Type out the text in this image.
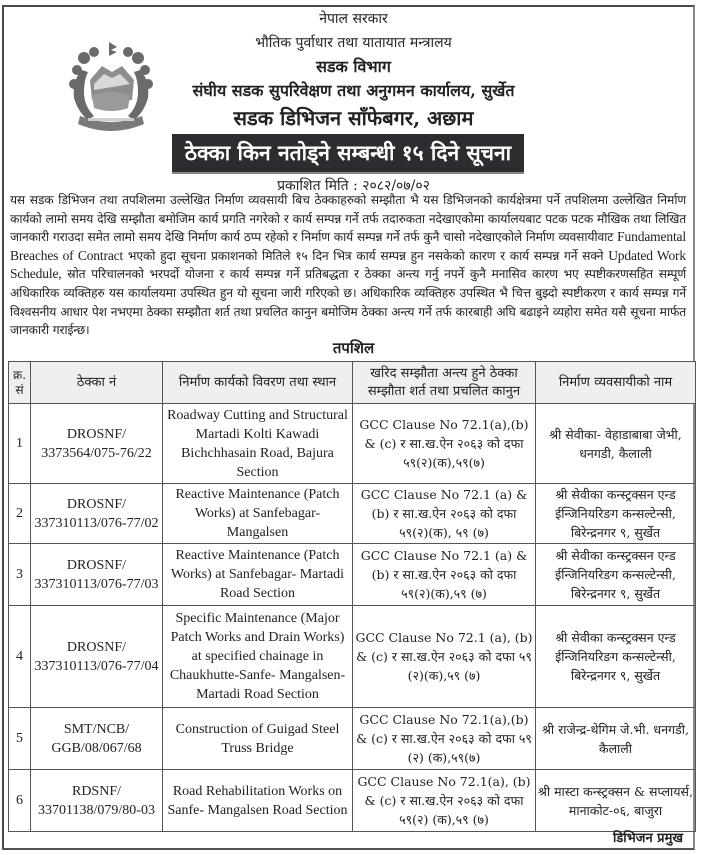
नेपाल सरकार
भौतिक पुर्वाधार तथा यातायात मन्त्रालय
सडक विभाग
संघीय सडक सुपरिवेक्षण तथा अनुगमन कार्यालय, सुर्खेत
सडक डिभिजन साँफेबगर, अछाम
ठेक्का किन नतोड्ने सम्बन्धी १५ दिने सूचना
प्रकाशित मिति : २०८२/०७/०२
यस सडक डिभिजन तथा तपशिलमा उल्लेखित निर्माण व्यवसायी बिच ठेक्काहरुको सम्झौता भै यस डिभिजनको कार्यक्षेत्रमा पर्ने तपशिलमा उल्लेखित निर्माण कार्यको लामो समय देखि सम्झौता बमोजिम कार्य प्रगति नगरेको र कार्य सम्पन्न गर्ने तर्फ तदारुकता नदेखाएकोमा कार्यालयबाट पटक पटक मौखिक तथा लिखित जानकारी गराउदा समेत लामो समय देखि निर्माण कार्य ठप्प रहेको र निर्माण कार्य सम्पन्न गर्ने तर्फ कुनै चासो नदेखाएकोले निर्माण व्यवसायीवाट Fundamental Breaches of Contract भएको हुदा सूचना प्रकाशनको मितिले १५ दिन भित्र कार्य सम्पन्न हुन नसकेको कारण र कार्य सम्पन्न गर्ने सक्ने Updated Work Schedule, स्रोत परिचालनको भरपर्दो योजना र कार्य सम्पन्न गर्ने प्रतिबद्धता र ठेक्का अन्त्य गर्नु नपर्ने कुनै मनासिव कारण भए स्पष्टीकरणसहित सम्पूर्ण अधिकारिक व्यक्तिहरु यस कार्यालयमा उपस्थित हुन यो सूचना जारी गरिएको छ। अधिकारिक व्यक्तिहरु उपस्थित भै चित्त बुझ्दो स्पष्टीकरण र कार्य सम्पन्न गर्ने विश्वसनीय आधार पेश नभएमा ठेक्का सम्झौता शर्त तथा प्रचलित कानुन बमोजिम ठेक्का अन्त्य गर्ने तर्फ कारबाही अघि बढाइने व्यहोरा समेत यसै सूचना मार्फत जानकारी गराईन्छ।
तपशिल
क्र. सं	ठेक्का नं	निर्माण कार्यको विवरण तथा स्थान	खरिद सम्झौता अन्त्य हुने ठेक्का सम्झौता शर्त तथा प्रचलित कानुन	निर्माण व्यवसायीको नाम
1	DROSNF/ 3373564/075-76/22	Roadway Cutting and Structural Martadi Kolti Kawadi Bichchhasain Road, Bajura Section	GCC Clause No 72.1(a),(b) & (c) र सा.ख.ऐन २०६३ को दफा ५९(२)(क),५९(७)	श्री सेवीका- वेहाडाबाबा जेभी, धनगडी, कैलाली
2	DROSNF/ 337310113/076-77/02	Reactive Maintenance (Patch Works) at Sanfebagar-Mangalsen	GCC Clause No 72.1 (a) & (b) र सा.ख.ऐन २०६३ को दफा ५९(२)(क), ५९ (७)	श्री सेवीका कन्स्ट्रक्सन एन्ड ईन्जिनियरिङग कन्सल्टेन्सी, बिरेन्द्रनगर ९, सुर्खेत
3	DROSNF/ 337310113/076-77/03	Reactive Maintenance (Patch Works) at Sanfebagar- Martadi Road Section	GCC Clause No 72.1 (a) & (b) र सा.ख.ऐन २०६३ को दफा ५९(२)(क),५९ (७)	श्री सेवीका कन्स्ट्रक्सन एन्ड ईन्जिनियरिङग कन्सल्टेन्सी, बिरेन्द्रनगर ९, सुर्खेत
4	DROSNF/ 337310113/076-77/04	Specific Maintenance (Major Patch Works and Drain Works) at specified chainage in Chaukhutte-Sanfe- Mangalsen-Martadi Road Section	GCC Clause No 72.1 (a), (b) & (c) र सा.ख.ऐन २०६३ को दफा ५९ (२)(क),५९ (७)	श्री सेवीका कन्स्ट्रक्सन एन्ड ईन्जिनियरिङग कन्सल्टेन्सी, बिरेन्द्रनगर ९, सुर्खेत
5	SMT/NCB/ GGB/08/067/68	Construction of Guigad Steel Truss Bridge	GCC Clause No 72.1(a),(b) & (c) र सा.ख.ऐन २०६३ को दफा ५९ (२) (क),५९(७)	श्री राजेन्द्र-थेगिम जे.भी. धनगडी, कैलाली
6	RDSNF/ 33701138/079/80-03	Road Rehabilitation Works on Sanfe- Mangalsen Road Section	GCC Clause No 72.1(a), (b) & (c) र सा.ख.ऐन २०६३ को दफा ५९(२) (क),५९ (७)	श्री मास्टा कन्स्ट्रक्सन & सप्लायर्स, मानाकोट-०६, बाजुरा
डिभिजन प्रमुख
